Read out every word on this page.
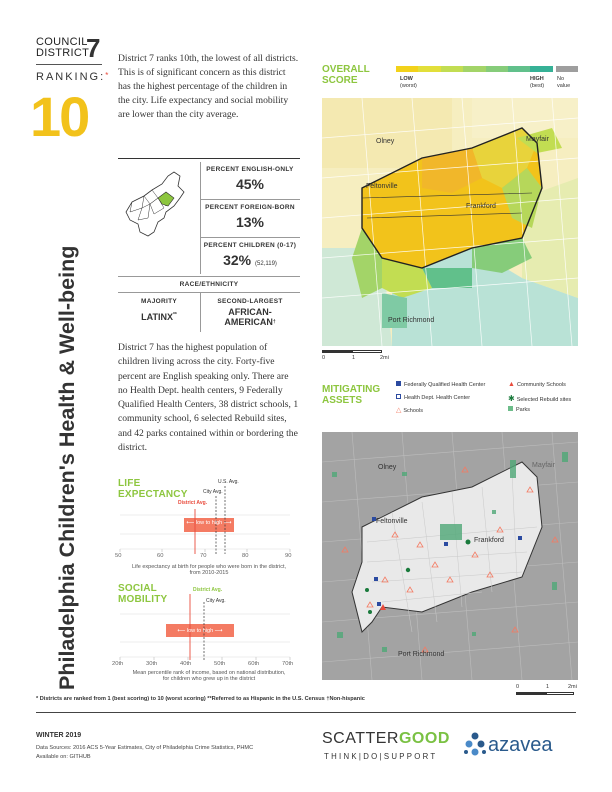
COUNCIL
DISTRICT
7
RANKING:*
10
District 7 ranks 10th, the lowest of all districts. This is of significant concern as this district has the highest percentage of the children in the city. Life expectancy and social mobility are lower than the city average.
Philadelphia Children's Health & Well-being
PERCENT ENGLISH-ONLY
45%
PERCENT FOREIGN-BORN
13%
PERCENT CHILDREN (0-17)
32% (52,119)
RACE/ETHNICITY
MAJORITY
LATINX**
SECOND-LARGEST
AFRICAN-
AMERICAN†
District 7 has the highest population of children living across the city. Forty-five percent are English speaking only. There are no Health Dept. health centers, 9 Federally Qualified Health Centers, 38 district schools, 1 community school, 6 selected Rebuild sites, and 42 parks contained within or bordering the district.
LIFE
EXPECTANCY
U.S. Avg.
City Avg.
District Avg.
⟵ low to high ⟶
50	60	70	80	90
Life expectancy at birth for people who were born in the district,
from 2010-2015
SOCIAL
MOBILITY
District Avg.
City Avg.
⟵ low to high ⟶
20th	30th	40th	50th	60th	70th
Mean percentile rank of income, based on national distribution,
for children who grew up in the district
OVERALL
SCORE	LOW
(worst)
HIGH
(best)
No
value
Olney	Mayfair
Feltonville
Frankford
Port Richmond
0	1	2mi
MITIGATING
ASSETS
Federally Qualified Health Center	▲ Community Schools
Health Dept. Health Center	✱ Selected Rebuild sites
△ Schools	Parks
Olney	Mayfair
Feltonville
Frankford
Port Richmond
0	1	2mi
* Districts are ranked from 1 (best scoring) to 10 (worst scoring) **Referred to as Hispanic in the U.S. Census †Non-hispanic
WINTER 2019
Data Sources: 2016 ACS 5-Year Estimates, City of Philadelphia Crime Statistics, PHMC
Available on: GITHUB
SCATTERGOOD
THINK|DO|SUPPORT
azavea
